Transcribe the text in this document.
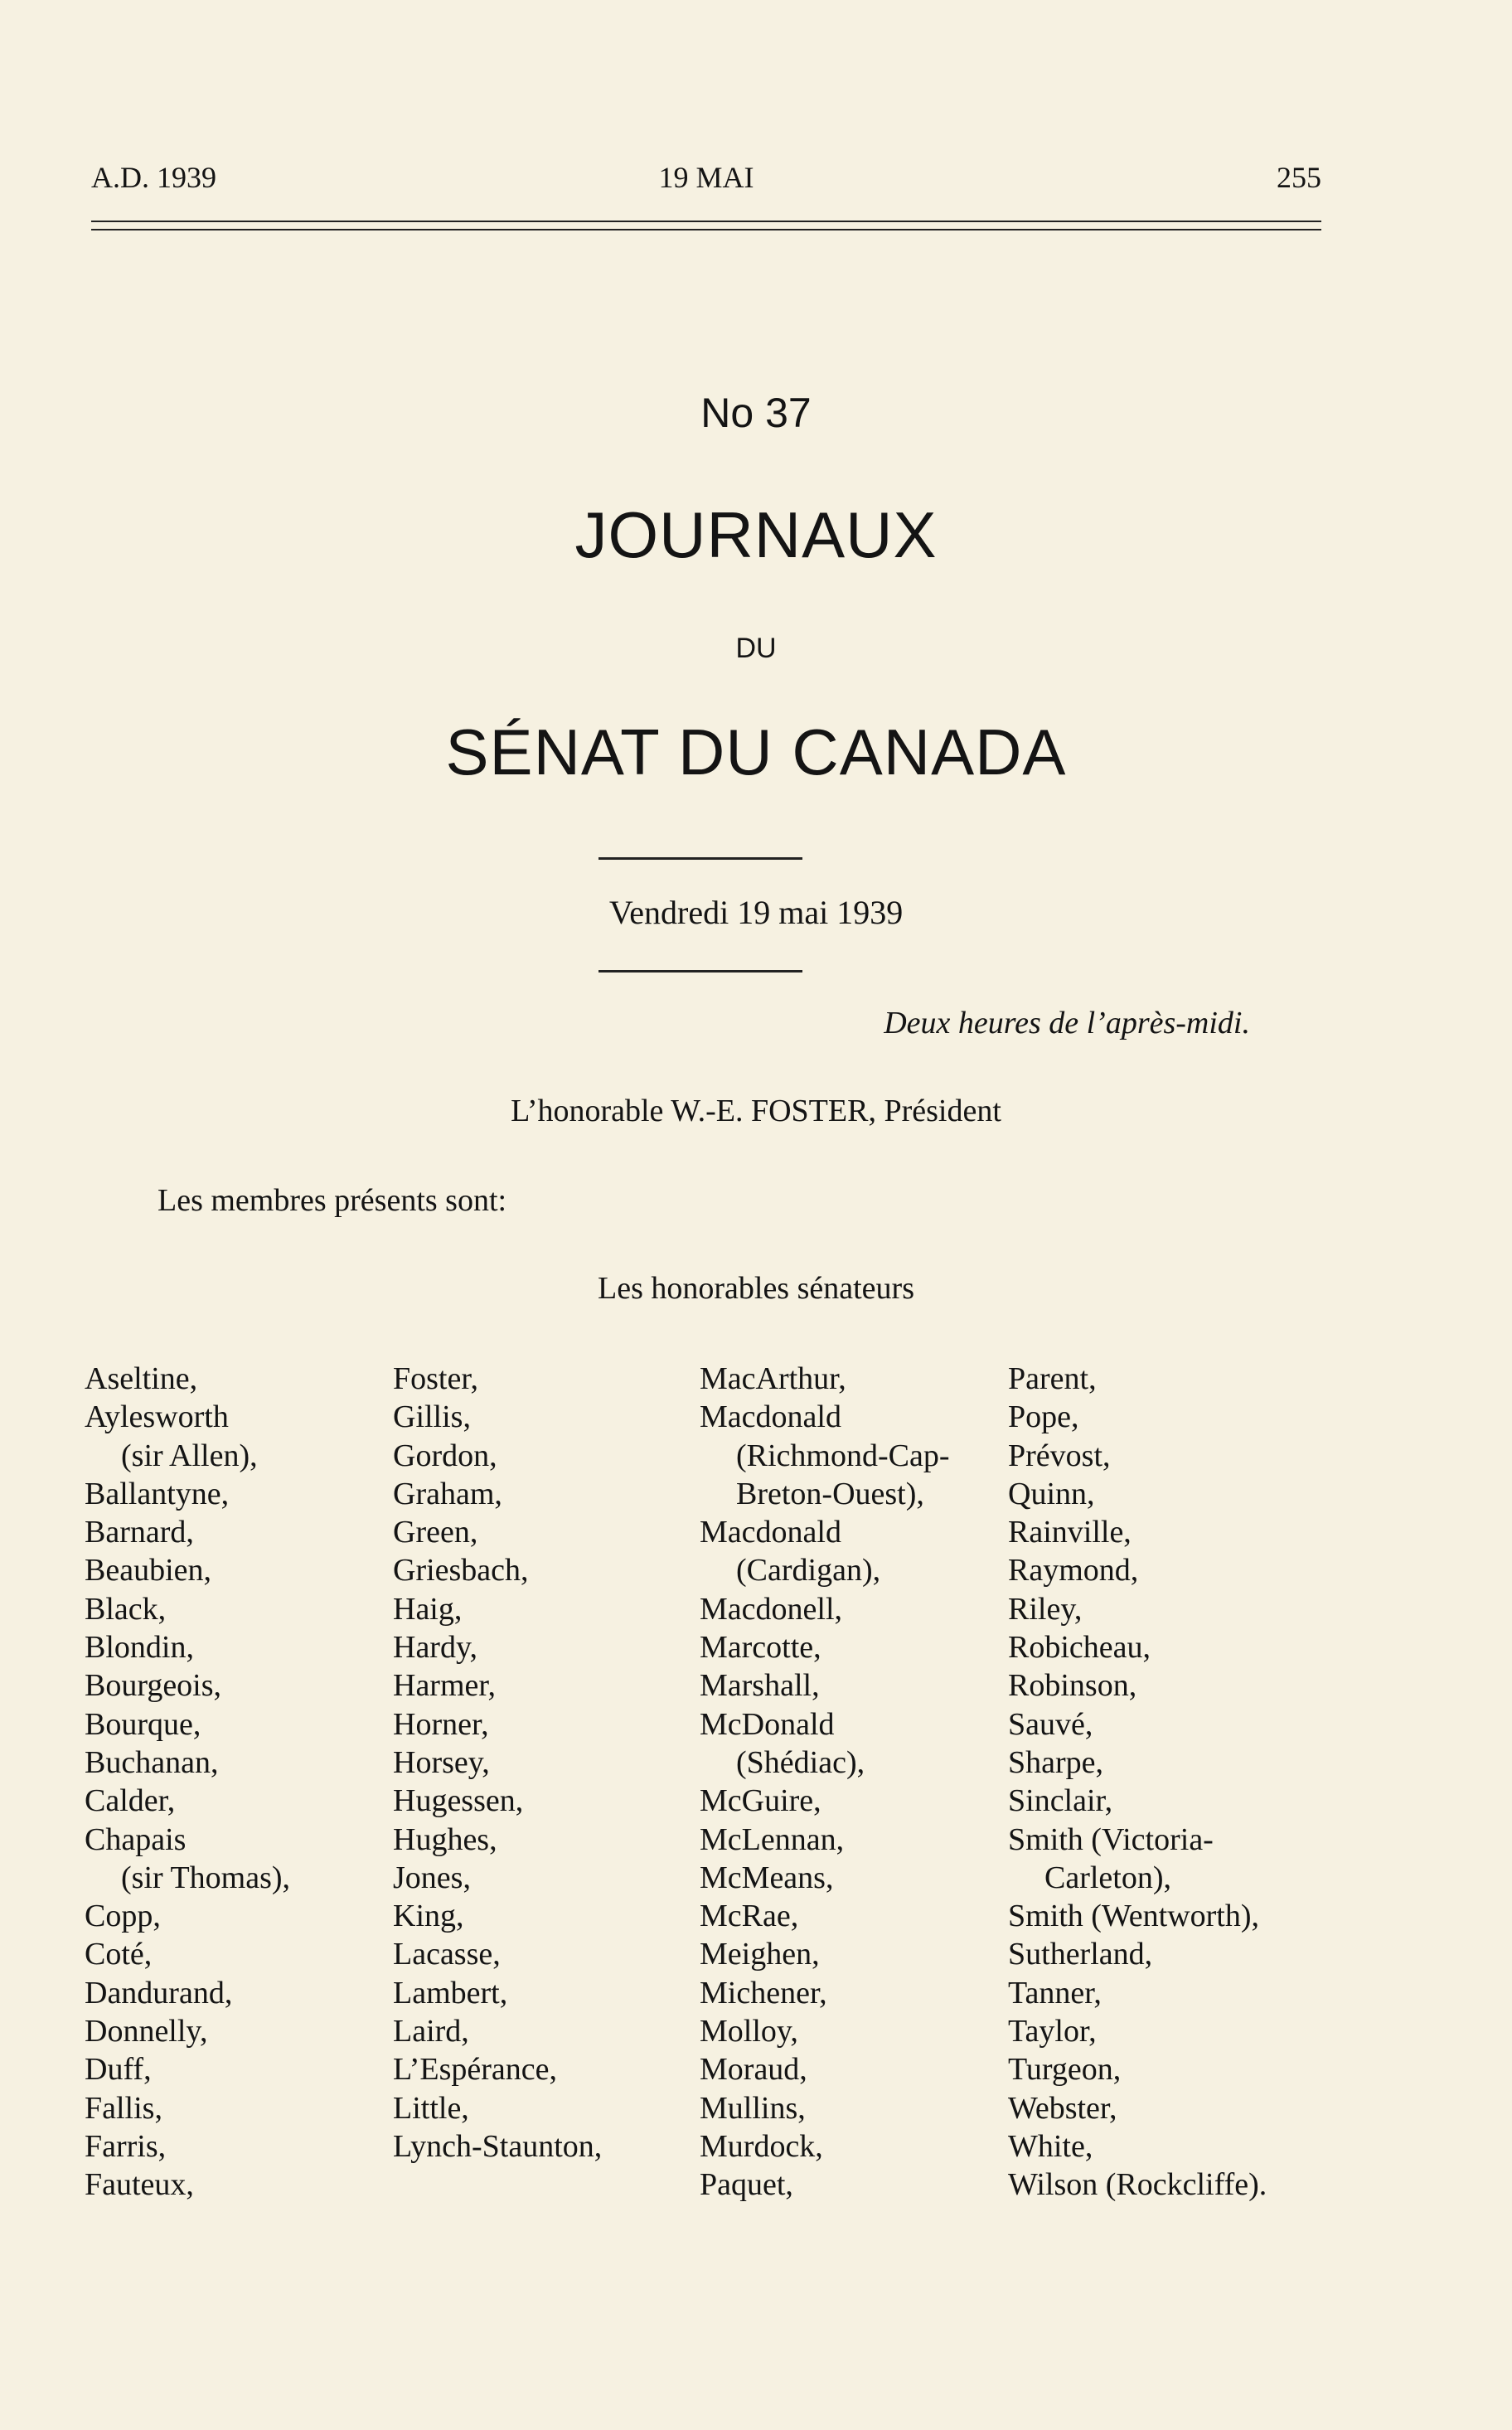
A.D. 1939	19 MAI	255
No 37
JOURNAUX
DU
SÉNAT DU CANADA
Vendredi 19 mai 1939
Deux heures de l’après-midi.
L’honorable W.-E. FOSTER, Président
Les membres présents sont:
Les honorables sénateurs
Aseltine,
Aylesworth
(sir Allen),
Ballantyne,
Barnard,
Beaubien,
Black,
Blondin,
Bourgeois,
Bourque,
Buchanan,
Calder,
Chapais
(sir Thomas),
Copp,
Coté,
Dandurand,
Donnelly,
Duff,
Fallis,
Farris,
Fauteux,
Foster,
Gillis,
Gordon,
Graham,
Green,
Griesbach,
Haig,
Hardy,
Harmer,
Horner,
Horsey,
Hugessen,
Hughes,
Jones,
King,
Lacasse,
Lambert,
Laird,
L’Espérance,
Little,
Lynch-Staunton,
MacArthur,
Macdonald
(Richmond-Cap-
Breton-Ouest),
Macdonald
(Cardigan),
Macdonell,
Marcotte,
Marshall,
McDonald
(Shédiac),
McGuire,
McLennan,
McMeans,
McRae,
Meighen,
Michener,
Molloy,
Moraud,
Mullins,
Murdock,
Paquet,
Parent,
Pope,
Prévost,
Quinn,
Rainville,
Raymond,
Riley,
Robicheau,
Robinson,
Sauvé,
Sharpe,
Sinclair,
Smith (Victoria-
Carleton),
Smith (Wentworth),
Sutherland,
Tanner,
Taylor,
Turgeon,
Webster,
White,
Wilson (Rockcliffe).
